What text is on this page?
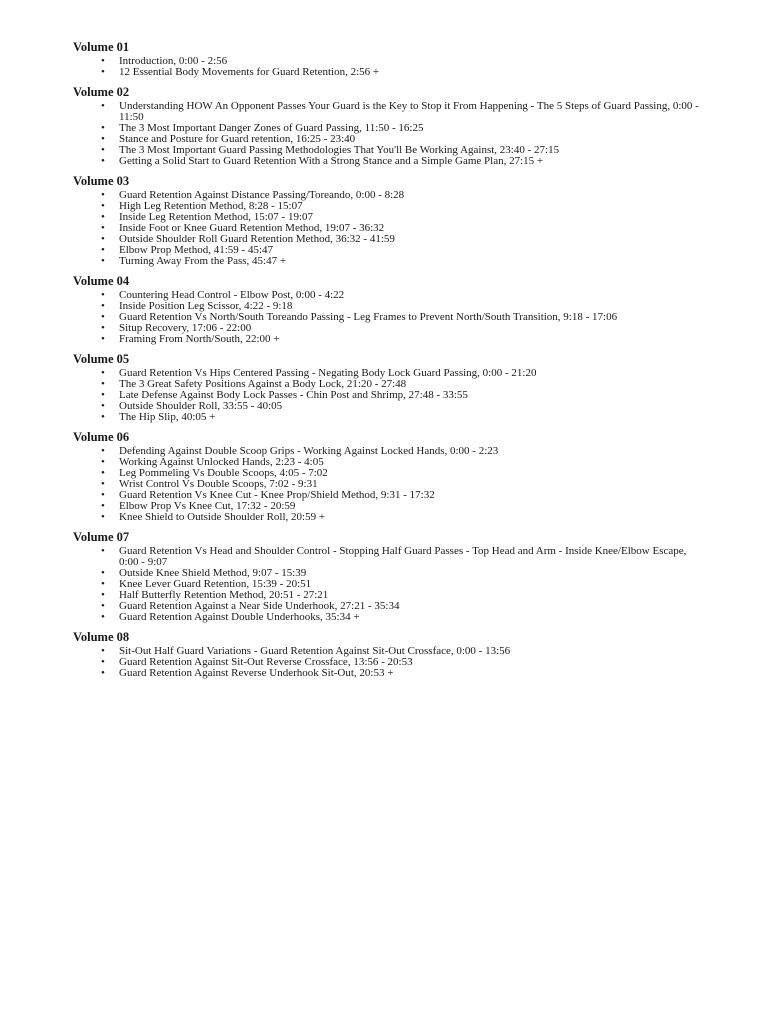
Volume 01
• Introduction, 0:00 - 2:56
• 12 Essential Body Movements for Guard Retention, 2:56 +
Volume 02
• Understanding HOW An Opponent Passes Your Guard is the Key to Stop it From Happening - The 5 Steps of Guard Passing, 0:00 - 11:50
• The 3 Most Important Danger Zones of Guard Passing, 11:50 - 16:25
• Stance and Posture for Guard retention, 16:25 - 23:40
• The 3 Most Important Guard Passing Methodologies That You'll Be Working Against, 23:40 - 27:15
• Getting a Solid Start to Guard Retention With a Strong Stance and a Simple Game Plan, 27:15 +
Volume 03
• Guard Retention Against Distance Passing/Toreando, 0:00 - 8:28
• High Leg Retention Method, 8:28 - 15:07
• Inside Leg Retention Method, 15:07 - 19:07
• Inside Foot or Knee Guard Retention Method, 19:07 - 36:32
• Outside Shoulder Roll Guard Retention Method, 36:32 - 41:59
• Elbow Prop Method, 41:59 - 45:47
• Turning Away From the Pass, 45:47 +
Volume 04
• Countering Head Control - Elbow Post, 0:00 - 4:22
• Inside Position Leg Scissor, 4:22 - 9:18
• Guard Retention Vs North/South Toreando Passing - Leg Frames to Prevent North/South Transition, 9:18 - 17:06
• Situp Recovery, 17:06 - 22:00
• Framing From North/South, 22:00 +
Volume 05
• Guard Retention Vs Hips Centered Passing - Negating Body Lock Guard Passing, 0:00 - 21:20
• The 3 Great Safety Positions Against a Body Lock, 21:20 - 27:48
• Late Defense Against Body Lock Passes - Chin Post and Shrimp, 27:48 - 33:55
• Outside Shoulder Roll, 33:55 - 40:05
• The Hip Slip, 40:05 +
Volume 06
• Defending Against Double Scoop Grips - Working Against Locked Hands, 0:00 - 2:23
• Working Against Unlocked Hands, 2:23 - 4:05
• Leg Pommeling Vs Double Scoops, 4:05 - 7:02
• Wrist Control Vs Double Scoops, 7:02 - 9:31
• Guard Retention Vs Knee Cut - Knee Prop/Shield Method, 9:31 - 17:32
• Elbow Prop Vs Knee Cut, 17:32 - 20:59
• Knee Shield to Outside Shoulder Roll, 20:59 +
Volume 07
• Guard Retention Vs Head and Shoulder Control - Stopping Half Guard Passes - Top Head and Arm - Inside Knee/Elbow Escape, 0:00 - 9:07
• Outside Knee Shield Method, 9:07 - 15:39
• Knee Lever Guard Retention, 15:39 - 20:51
• Half Butterfly Retention Method, 20:51 - 27:21
• Guard Retention Against a Near Side Underhook, 27:21 - 35:34
• Guard Retention Against Double Underhooks, 35:34 +
Volume 08
• Sit-Out Half Guard Variations - Guard Retention Against Sit-Out Crossface, 0:00 - 13:56
• Guard Retention Against Sit-Out Reverse Crossface, 13:56 - 20:53
• Guard Retention Against Reverse Underhook Sit-Out, 20:53 +
